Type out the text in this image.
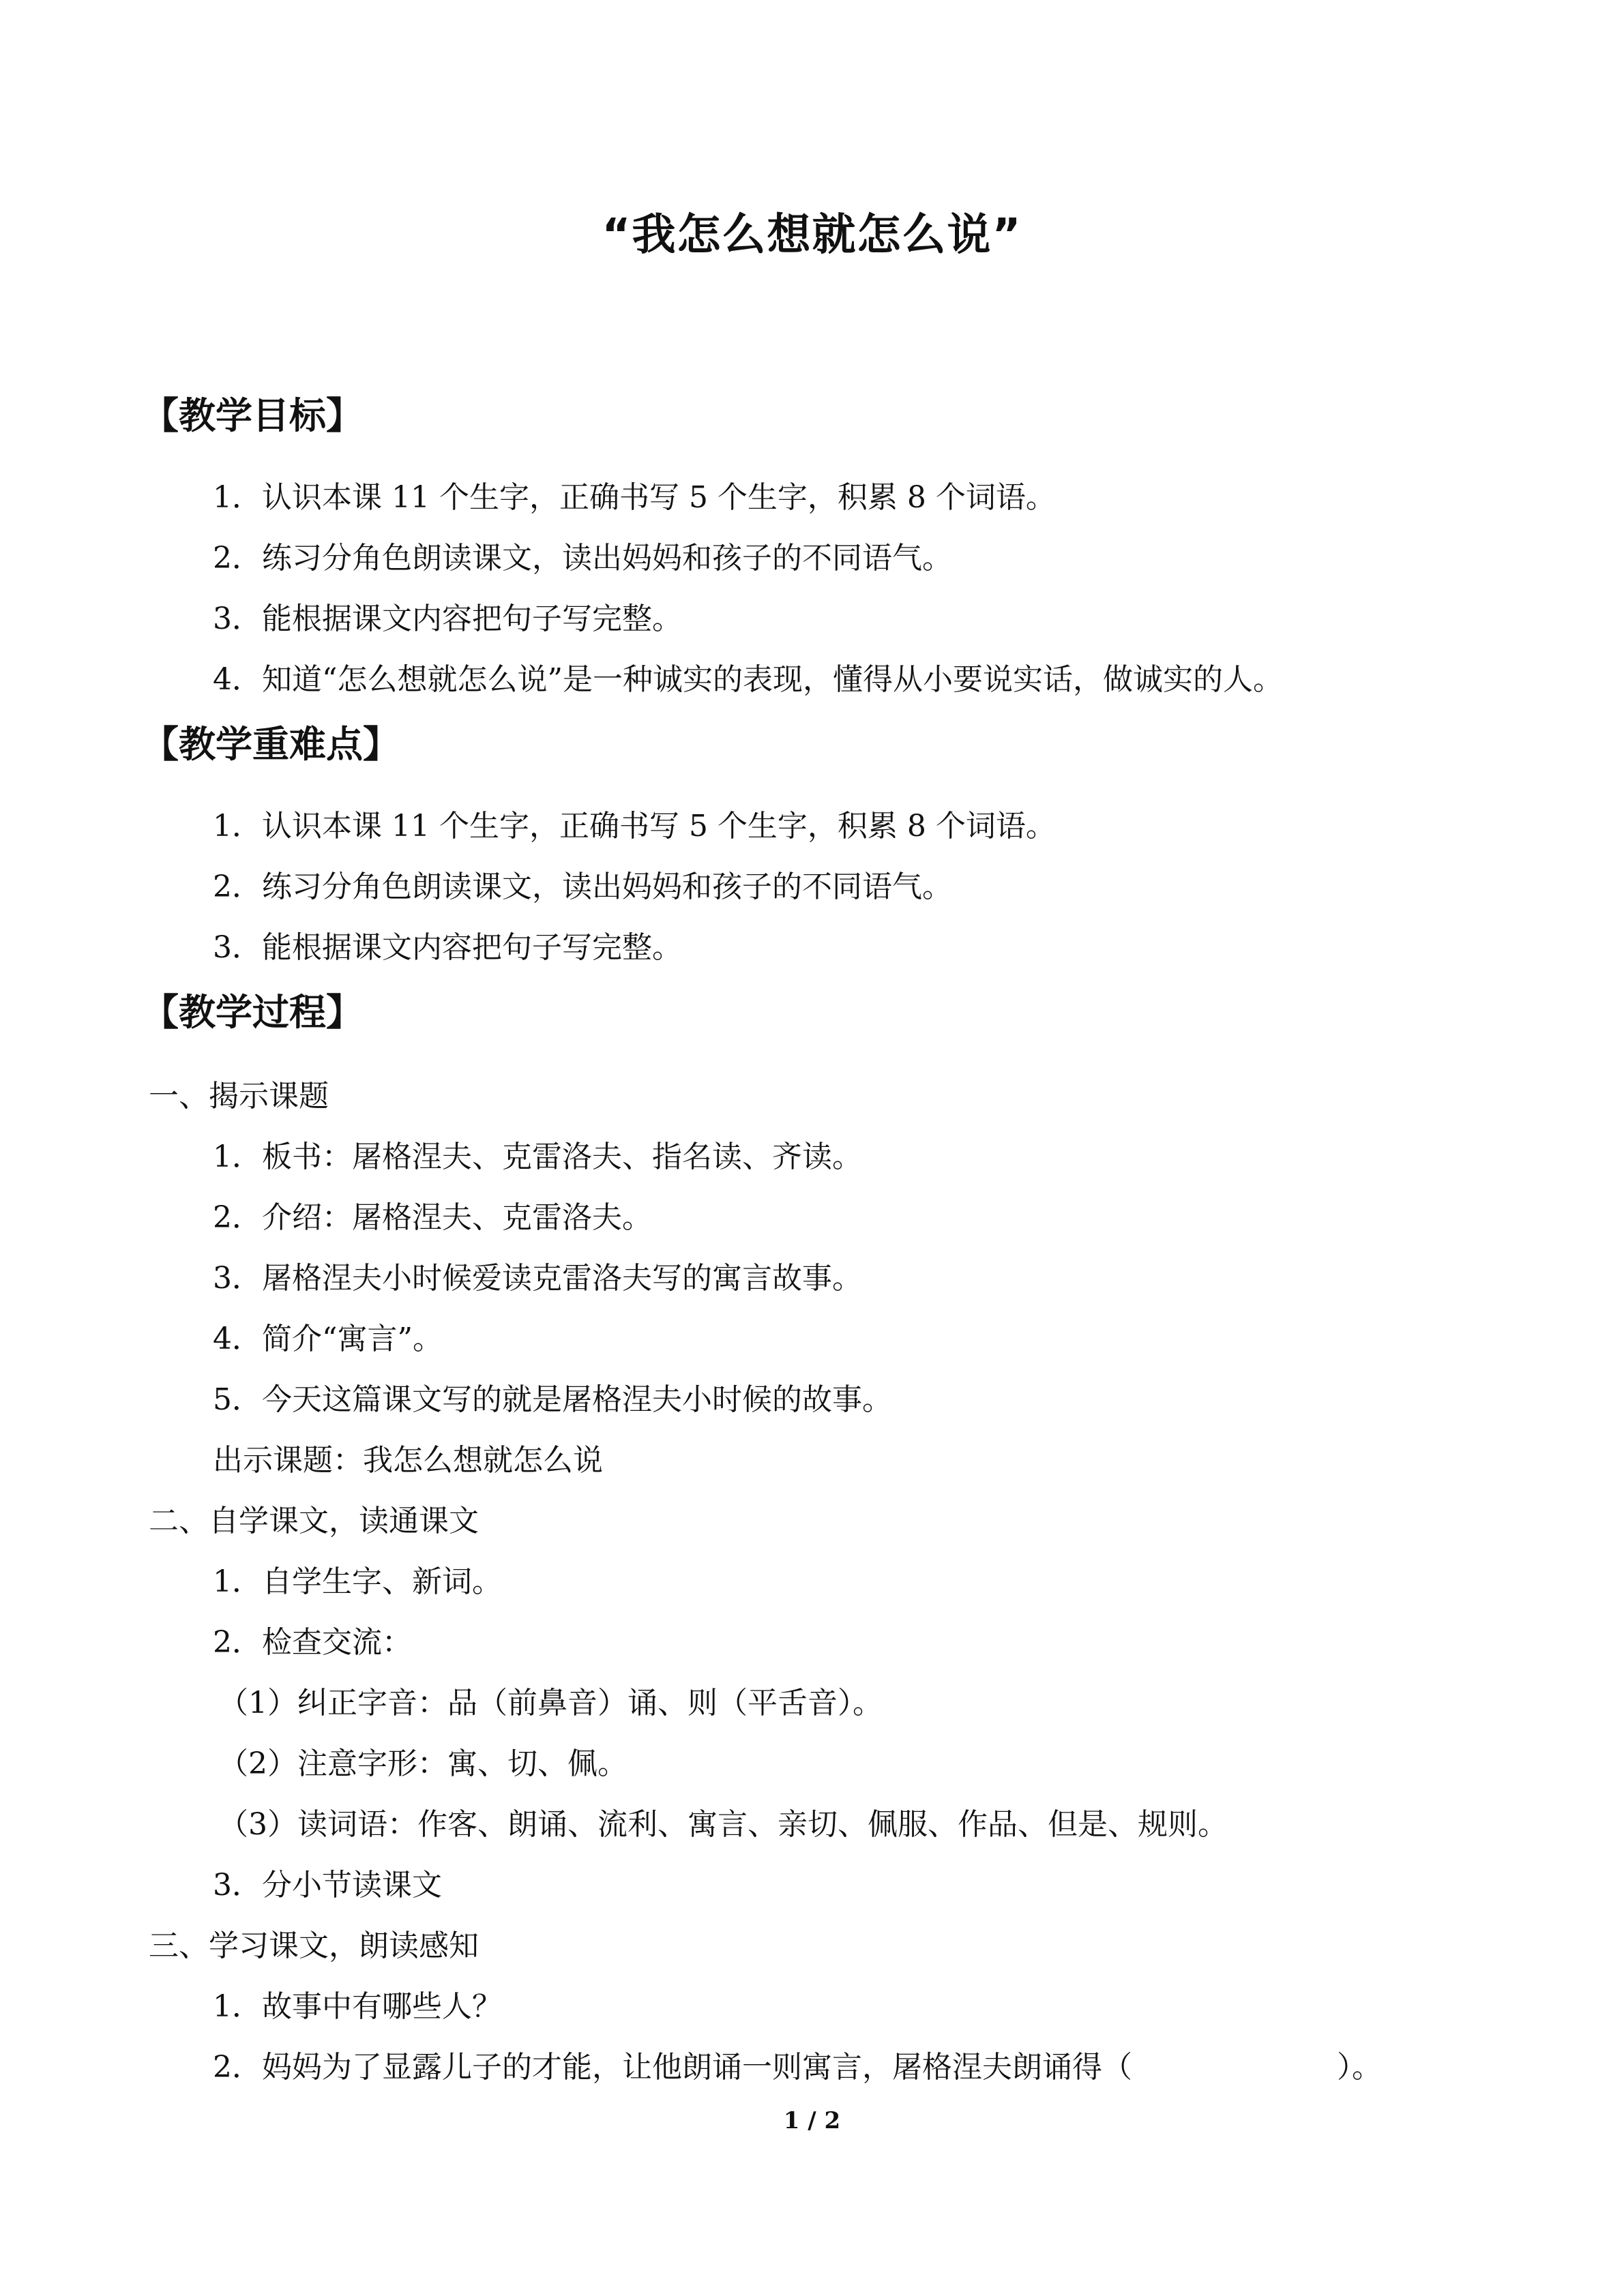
“我怎么想就怎么说”
【教学目标】
1．认识本课 11 个生字，正确书写 5 个生字，积累 8 个词语。
2．练习分角色朗读课文，读出妈妈和孩子的不同语气。
3．能根据课文内容把句子写完整。
4．知道“怎么想就怎么说”是一种诚实的表现，懂得从小要说实话，做诚实的人。
【教学重难点】
1．认识本课 11 个生字，正确书写 5 个生字，积累 8 个词语。
2．练习分角色朗读课文，读出妈妈和孩子的不同语气。
3．能根据课文内容把句子写完整。
【教学过程】
一、揭示课题
1．板书：屠格涅夫、克雷洛夫、指名读、齐读。
2．介绍：屠格涅夫、克雷洛夫。
3．屠格涅夫小时候爱读克雷洛夫写的寓言故事。
4．简介“寓言”。
5．今天这篇课文写的就是屠格涅夫小时候的故事。
出示课题：我怎么想就怎么说
二、自学课文，读通课文
1．自学生字、新词。
2．检查交流：
（1）纠正字音：品（前鼻音）诵、则（平舌音）。
（2）注意字形：寓、切、佩。
（3）读词语：作客、朗诵、流利、寓言、亲切、佩服、作品、但是、规则。
3．分小节读课文
三、学习课文，朗读感知
1．故事中有哪些人？
2．妈妈为了显露儿子的才能，让他朗诵一则寓言，屠格涅夫朗诵得（	）。
1 / 2
